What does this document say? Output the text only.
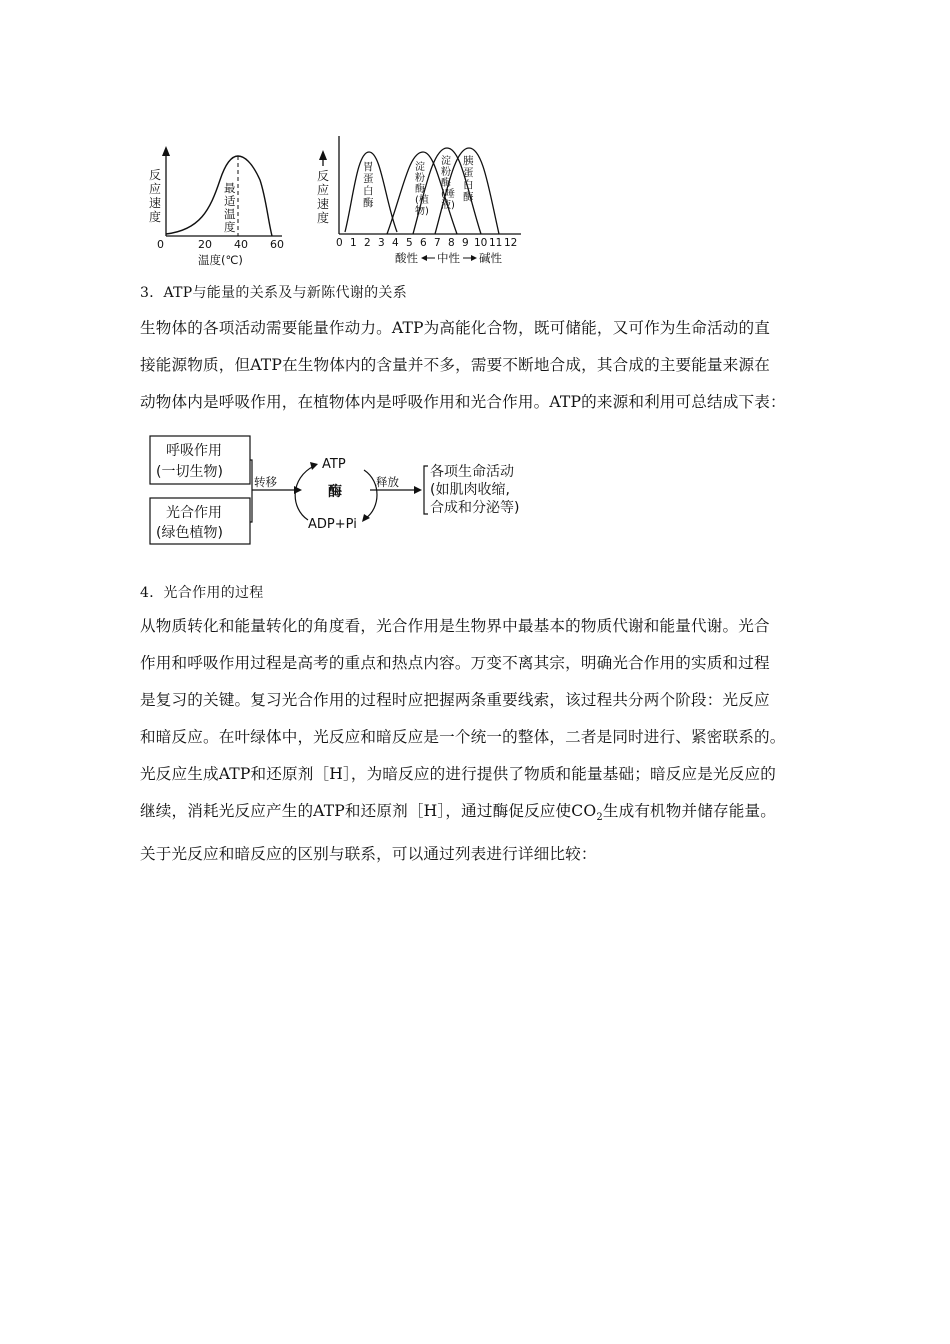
反
应
速
度
最
适
温
度
0	20 40 60
温度(℃)
反
应
速
度
胃蛋白酶
淀粉酶(植物)
淀粉酶(唾液)
胰蛋白酶
0 1 2 3 4 5 6 7 8 9 10 11 12
酸性 中性 碱性
3．ATP与能量的关系及与新陈代谢的关系

生物体的各项活动需要能量作动力。ATP为高能化合物，既可储能，又可作为生命活动的直

接能源物质，但ATP在生物体内的含量并不多，需要不断地合成，其合成的主要能量来源在

动物体内是呼吸作用，在植物体内是呼吸作用和光合作用。ATP的来源和利用可总结成下表：

呼吸作用
(一切生物)
光合作用
(绿色植物)
转移
ATP
酶
ADP+Pi
释放
各项生命活动
(如肌肉收缩,
合成和分泌等)
4．光合作用的过程

从物质转化和能量转化的角度看，光合作用是生物界中最基本的物质代谢和能量代谢。光合

作用和呼吸作用过程是高考的重点和热点内容。万变不离其宗，明确光合作用的实质和过程

是复习的关键。复习光合作用的过程时应把握两条重要线索，该过程共分两个阶段：光反应

和暗反应。在叶绿体中，光反应和暗反应是一个统一的整体，二者是同时进行、紧密联系的。

光反应生成ATP和还原剂［H］，为暗反应的进行提供了物质和能量基础；暗反应是光反应的

继续，消耗光反应产生的ATP和还原剂［H］，通过酶促反应使$CO_2$生成有机物并储存能量。

关于光反应和暗反应的区别与联系，可以通过列表进行详细比较：
